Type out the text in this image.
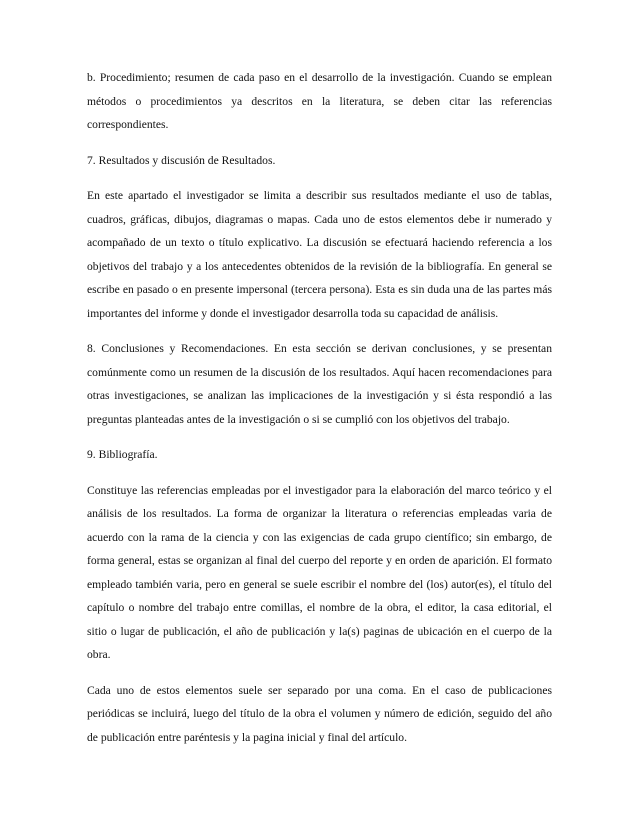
b. Procedimiento; resumen de cada paso en el desarrollo de la investigación. Cuando se emplean métodos o procedimientos ya descritos en la literatura, se deben citar las referencias correspondientes.

7. Resultados y discusión de Resultados.

En este apartado el investigador se limita a describir sus resultados mediante el uso de tablas, cuadros, gráficas, dibujos, diagramas o mapas. Cada uno de estos elementos debe ir numerado y acompañado de un texto o título explicativo. La discusión se efectuará haciendo referencia a los objetivos del trabajo y a los antecedentes obtenidos de la revisión de la bibliografía. En general se escribe en pasado o en presente impersonal (tercera persona). Esta es sin duda una de las partes más importantes del informe y donde el investigador desarrolla toda su capacidad de análisis.

8. Conclusiones y Recomendaciones. En esta sección se derivan conclusiones, y se presentan comúnmente como un resumen de la discusión de los resultados. Aquí hacen recomendaciones para otras investigaciones, se analizan las implicaciones de la investigación y si ésta respondió a las preguntas planteadas antes de la investigación o si se cumplió con los objetivos del trabajo.

9. Bibliografía.

Constituye las referencias empleadas por el investigador para la elaboración del marco teórico y el análisis de los resultados. La forma de organizar la literatura o referencias empleadas varia de acuerdo con la rama de la ciencia y con las exigencias de cada grupo científico; sin embargo, de forma general, estas se organizan al final del cuerpo del reporte y en orden de aparición. El formato empleado también varia, pero en general se suele escribir el nombre del (los) autor(es), el título del capítulo o nombre del trabajo entre comillas, el nombre de la obra, el editor, la casa editorial, el sitio o lugar de publicación, el año de publicación y la(s) paginas de ubicación en el cuerpo de la obra.

Cada uno de estos elementos suele ser separado por una coma. En el caso de publicaciones periódicas se incluirá, luego del título de la obra el volumen y número de edición, seguido del año de publicación entre paréntesis y la pagina inicial y final del artículo.
